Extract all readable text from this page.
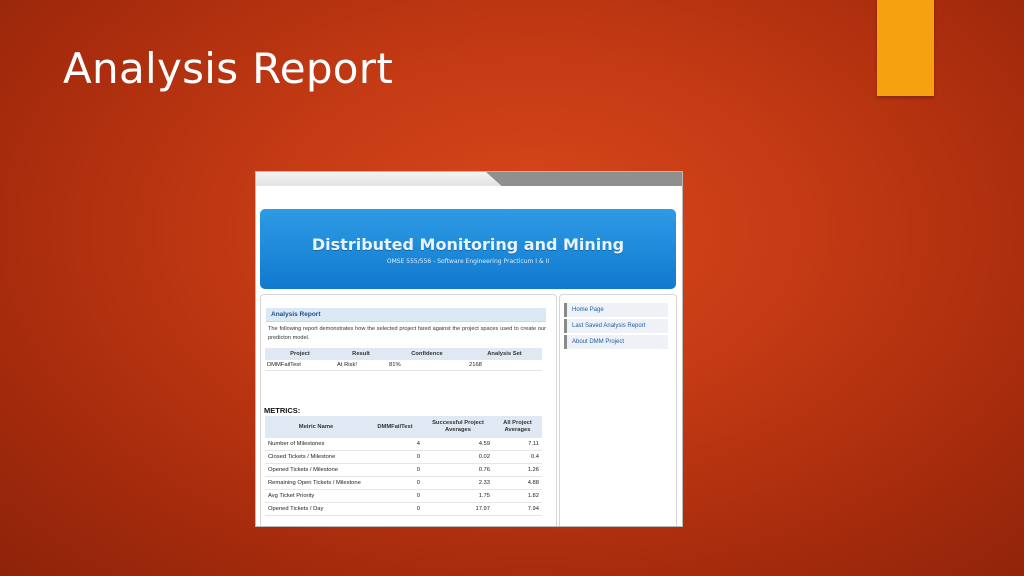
Analysis Report
Distributed Monitoring and Mining
OMSE 555/556 - Software Engineering Practicum I & II
Analysis Report
The following report demonstrates how the selected project fared against the project spaces used to create our predicton model.
Project	Result	Confidence	Analysis Set
DMMFailTest	At Risk!	81%	2168
METRICS:
Metric Name	DMMFailTest	Successful Project Averages	All Project Averages
Number of Milestones	4	4.59	7.11
Closed Tickets / Milestone	0	0.02	0.4
Opened Tickets / Milestone	0	0.76	1.26
Remaining Open Tickets / Milestone	0	2.33	4.88
Avg Ticket Priority	0	1.75	1.82
Opened Tickets / Day	0	17.97	7.94
Home Page
Last Saved Analysis Report
About DMM Project
